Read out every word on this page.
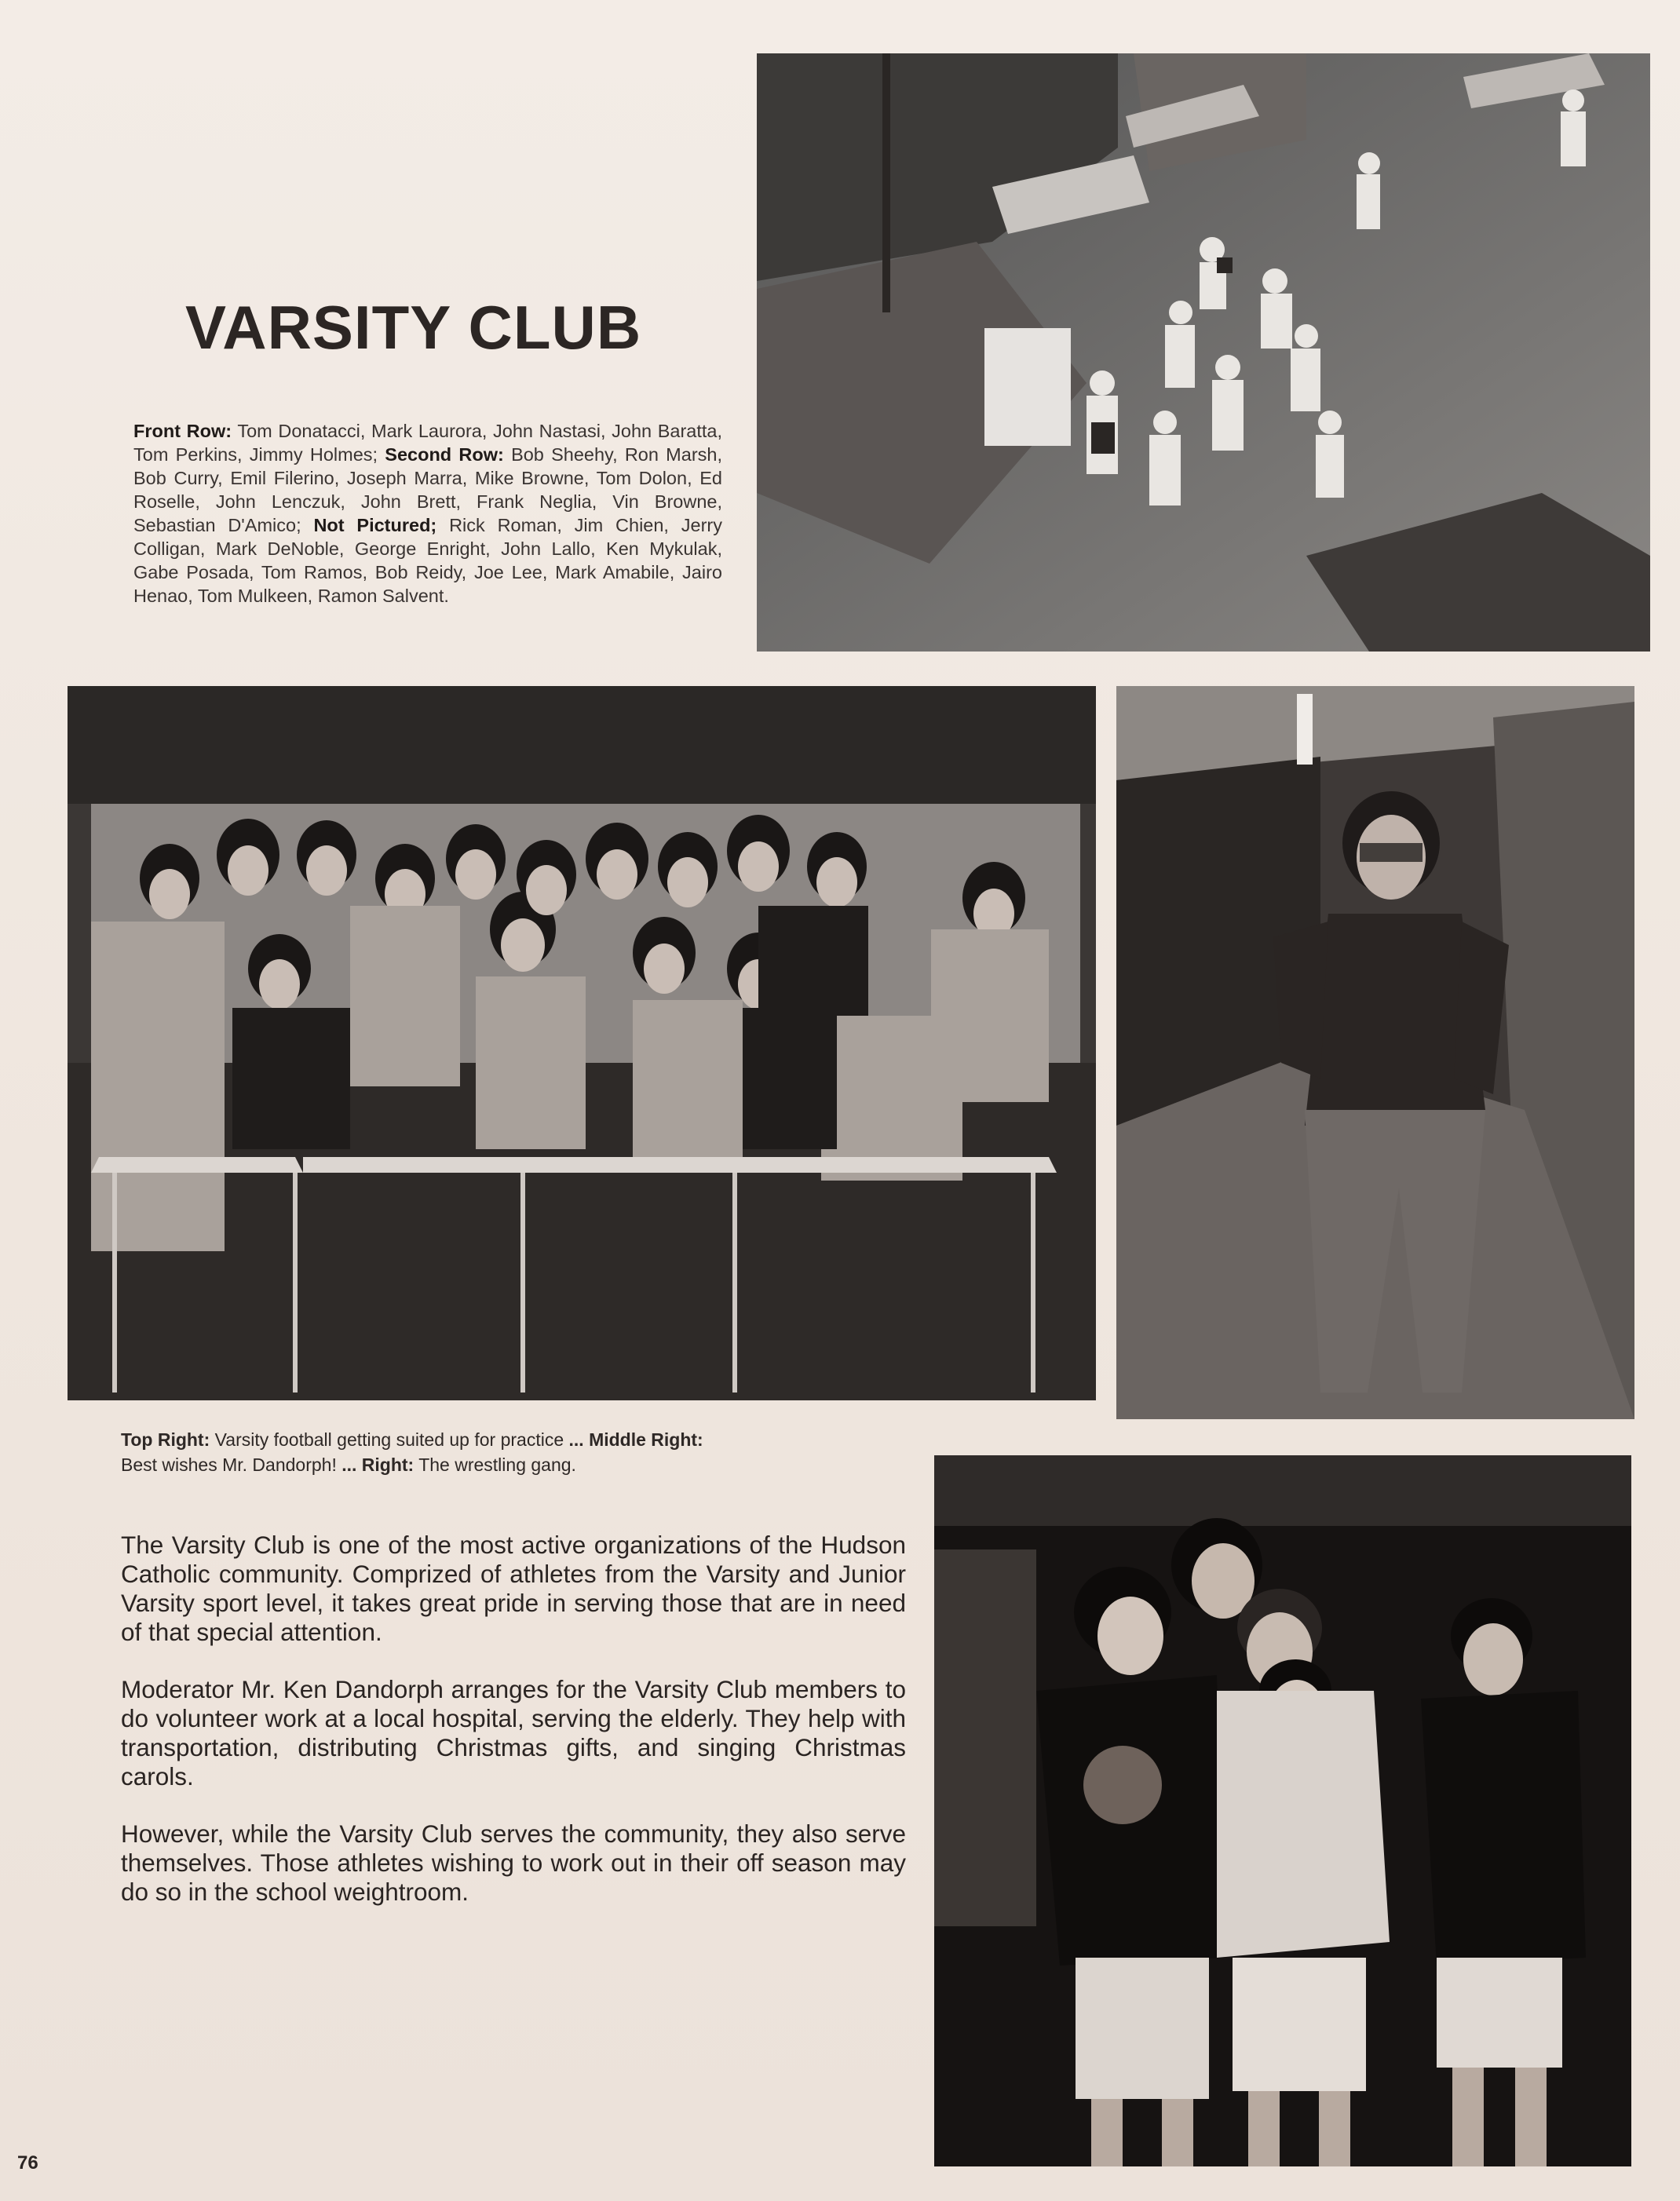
VARSITY CLUB

Front Row: Tom Donatacci, Mark Laurora, John Nastasi, John Baratta, Tom Perkins, Jimmy Holmes; Second Row: Bob Sheehy, Ron Marsh, Bob Curry, Emil Filerino, Joseph Marra, Mike Browne, Tom Dolon, Ed Roselle, John Lenczuk, John Brett, Frank Neglia, Vin Browne, Sebastian D'Amico; Not Pictured; Rick Roman, Jim Chien, Jerry Colligan, Mark DeNoble, George Enright, John Lallo, Ken Mykulak, Gabe Posada, Tom Ramos, Bob Reidy, Joe Lee, Mark Amabile, Jairo Henao, Tom Mulkeen, Ramon Salvent.

Top Right: Varsity football getting suited up for practice ... Middle Right:
Best wishes Mr. Dandorph! ... Right: The wrestling gang.

The Varsity Club is one of the most active organizations of the Hudson Catholic community. Comprized of athletes from the Varsity and Junior Varsity sport level, it takes great pride in serving those that are in need of that special attention.

Moderator Mr. Ken Dandorph arranges for the Varsity Club members to do volunteer work at a local hospital, serving the elderly. They help with transportation, distributing Christmas gifts, and singing Christmas carols.

However, while the Varsity Club serves the community, they also serve themselves. Those athletes wishing to work out in their off season may do so in the school weightroom.

76
